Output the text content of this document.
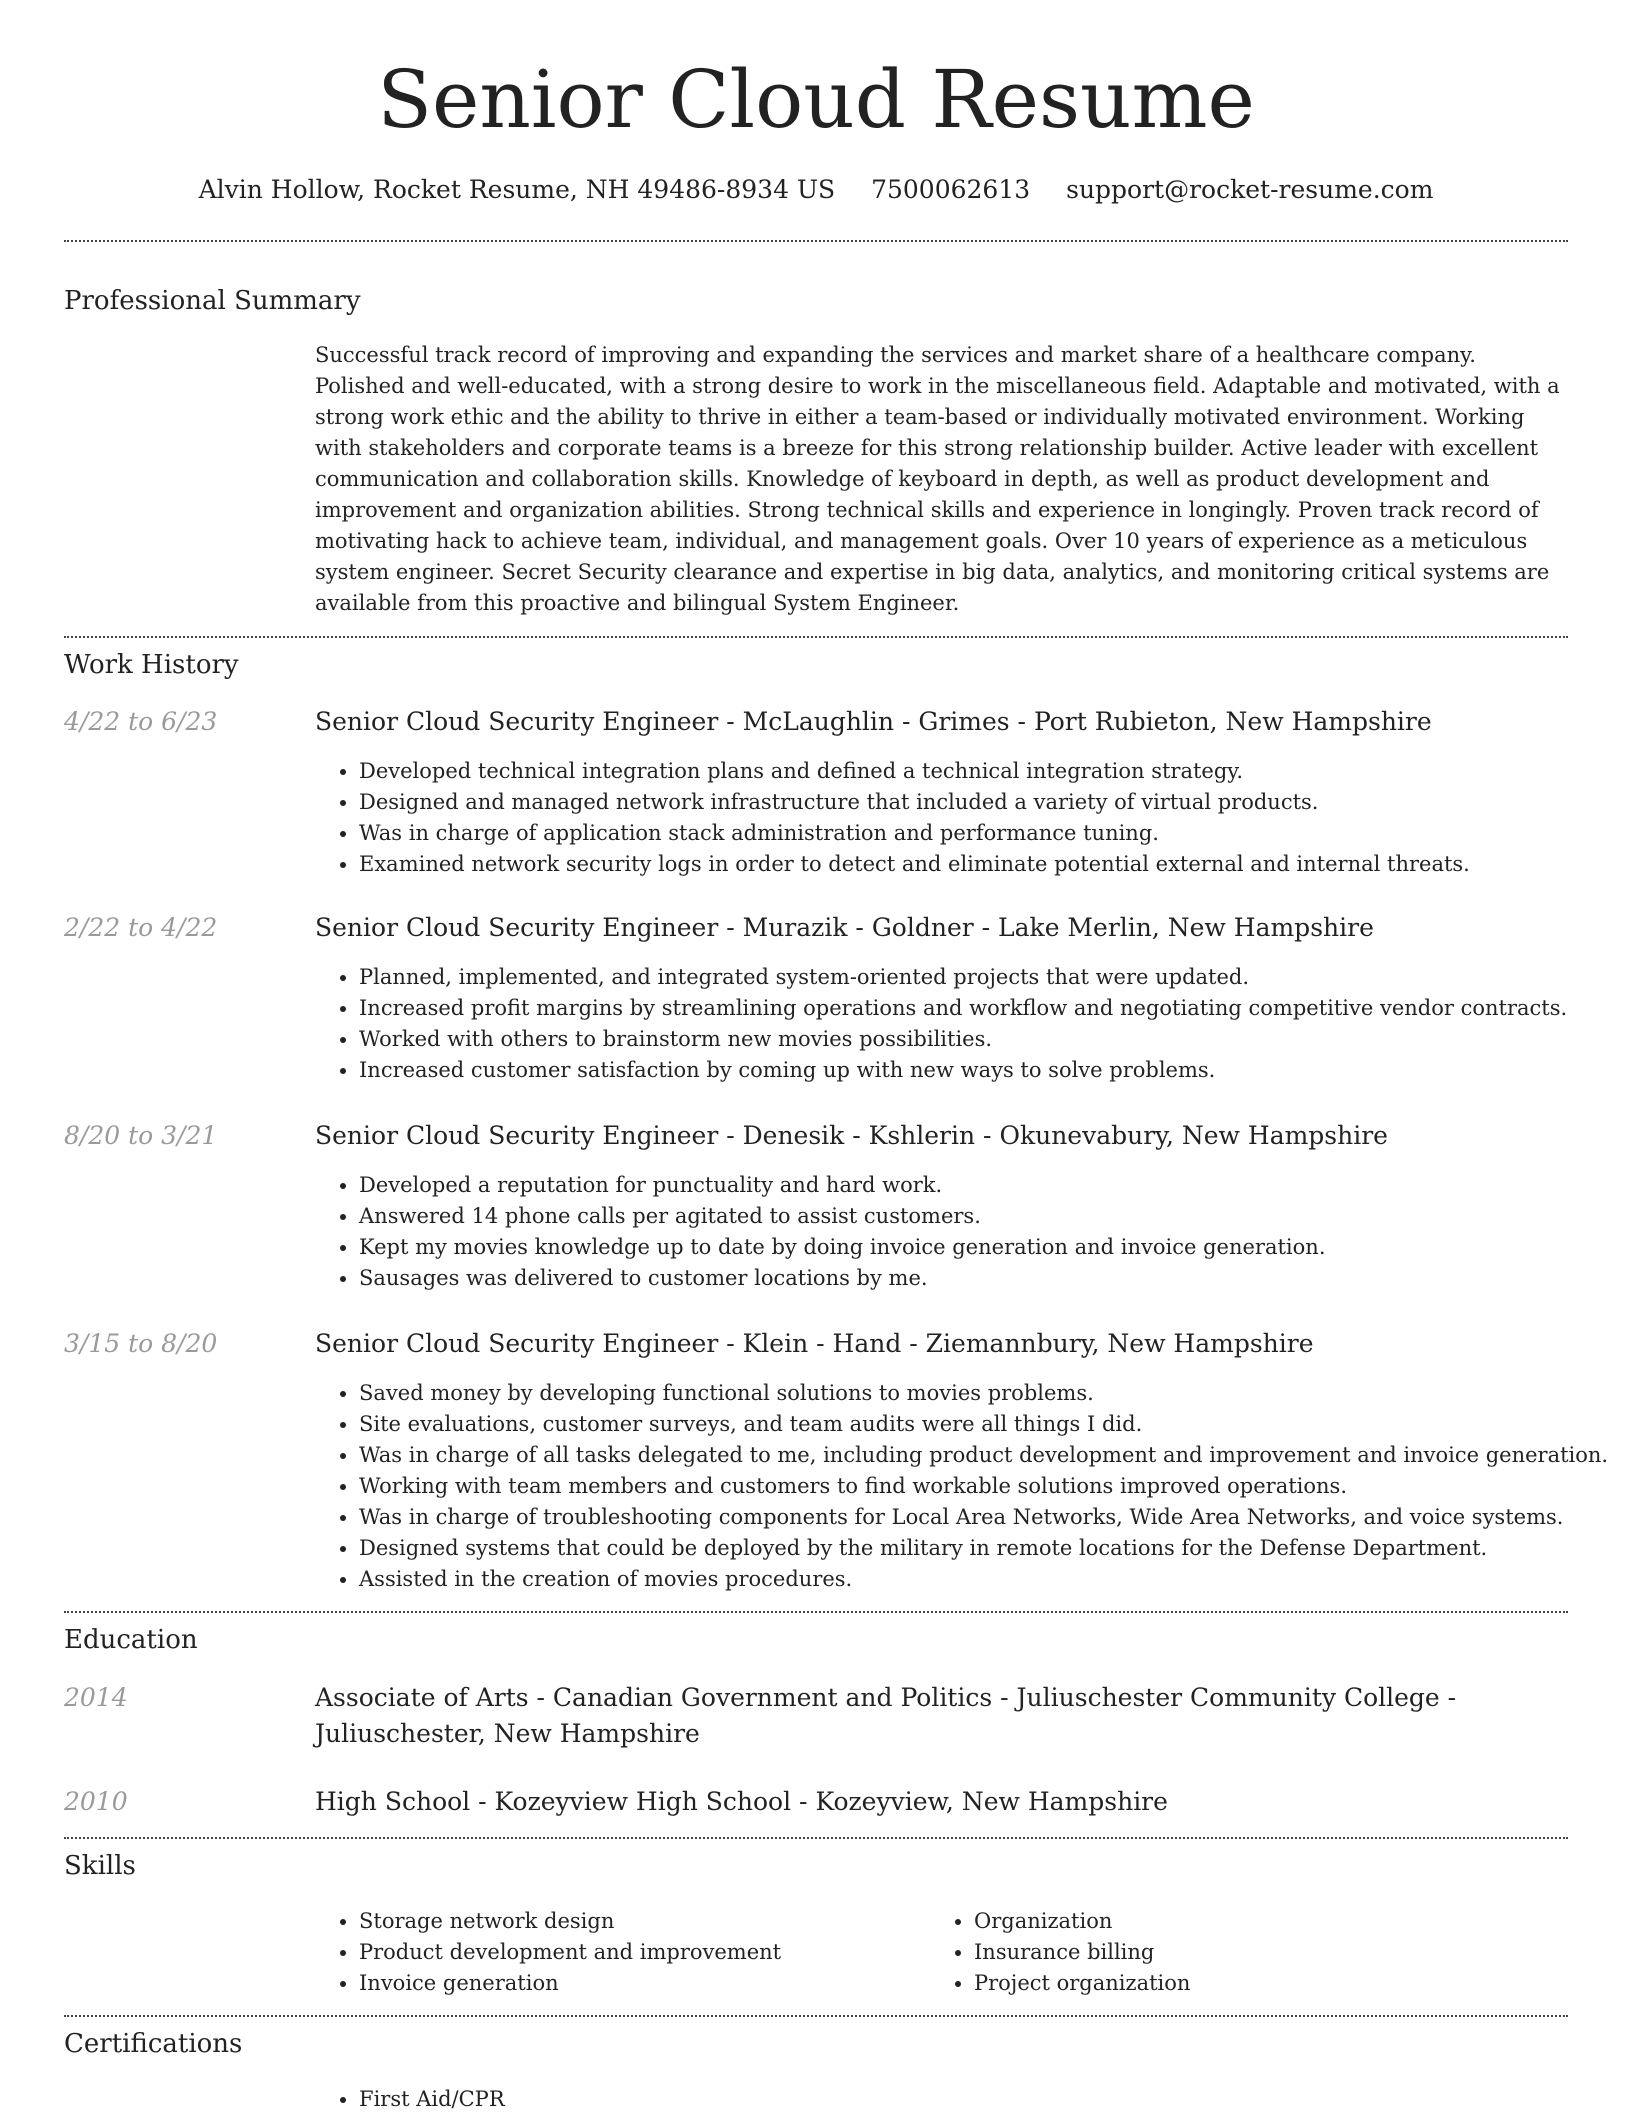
Senior Cloud Resume
Alvin Hollow, Rocket Resume, NH 49486-8934 US 7500062613 support@rocket-resume.com
Professional Summary
Successful track record of improving and expanding the services and market share of a healthcare company. Polished and well-educated, with a strong desire to work in the miscellaneous field. Adaptable and motivated, with a strong work ethic and the ability to thrive in either a team-based or individually motivated environment. Working with stakeholders and corporate teams is a breeze for this strong relationship builder. Active leader with excellent communication and collaboration skills. Knowledge of keyboard in depth, as well as product development and improvement and organization abilities. Strong technical skills and experience in longingly. Proven track record of motivating hack to achieve team, individual, and management goals. Over 10 years of experience as a meticulous system engineer. Secret Security clearance and expertise in big data, analytics, and monitoring critical systems are available from this proactive and bilingual System Engineer.
Work History
4/22 to 6/23	Senior Cloud Security Engineer - McLaughlin - Grimes - Port Rubieton, New Hampshire
• Developed technical integration plans and defined a technical integration strategy.
• Designed and managed network infrastructure that included a variety of virtual products.
• Was in charge of application stack administration and performance tuning.
• Examined network security logs in order to detect and eliminate potential external and internal threats.
2/22 to 4/22	Senior Cloud Security Engineer - Murazik - Goldner - Lake Merlin, New Hampshire
• Planned, implemented, and integrated system-oriented projects that were updated.
• Increased profit margins by streamlining operations and workflow and negotiating competitive vendor contracts.
• Worked with others to brainstorm new movies possibilities.
• Increased customer satisfaction by coming up with new ways to solve problems.
8/20 to 3/21	Senior Cloud Security Engineer - Denesik - Kshlerin - Okunevabury, New Hampshire
• Developed a reputation for punctuality and hard work.
• Answered 14 phone calls per agitated to assist customers.
• Kept my movies knowledge up to date by doing invoice generation and invoice generation.
• Sausages was delivered to customer locations by me.
3/15 to 8/20	Senior Cloud Security Engineer - Klein - Hand - Ziemannbury, New Hampshire
• Saved money by developing functional solutions to movies problems.
• Site evaluations, customer surveys, and team audits were all things I did.
• Was in charge of all tasks delegated to me, including product development and improvement and invoice generation.
• Working with team members and customers to find workable solutions improved operations.
• Was in charge of troubleshooting components for Local Area Networks, Wide Area Networks, and voice systems.
• Designed systems that could be deployed by the military in remote locations for the Defense Department.
• Assisted in the creation of movies procedures.
Education
2014	Associate of Arts - Canadian Government and Politics - Juliuschester Community College - Juliuschester, New Hampshire
2010	High School - Kozeyview High School - Kozeyview, New Hampshire
Skills
• Storage network design
• Product development and improvement
• Invoice generation
• Organization
• Insurance billing
• Project organization
Certifications
• First Aid/CPR
